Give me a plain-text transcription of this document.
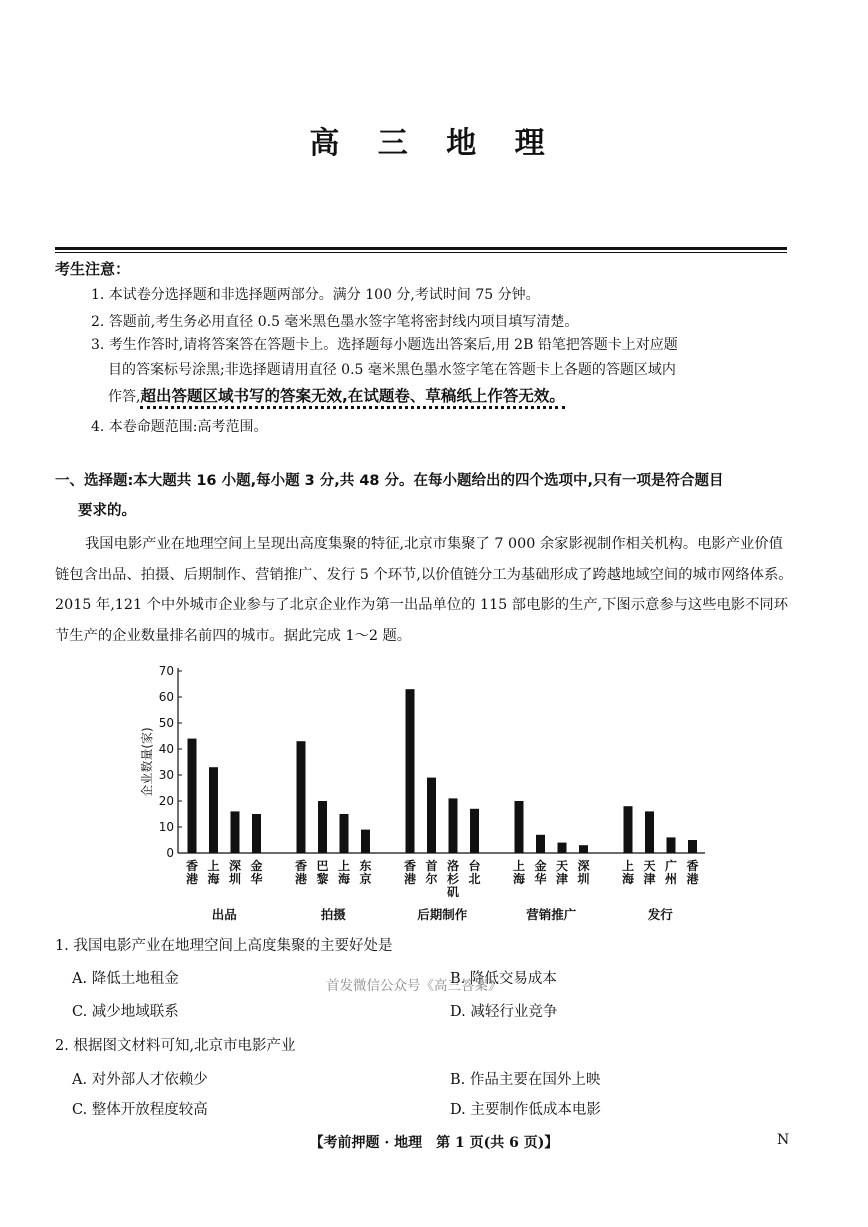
高 三 地 理
考生注意：
1. 本试卷分选择题和非选择题两部分。满分 100 分,考试时间 75 分钟。
2. 答题前,考生务必用直径 0.5 毫米黑色墨水签字笔将密封线内项目填写清楚。
3. 考生作答时,请将答案答在答题卡上。选择题每小题选出答案后,用 2B 铅笔把答题卡上对应题
目的答案标号涂黑;非选择题请用直径 0.5 毫米黑色墨水签字笔在答题卡上各题的答题区域内
作答,超出答题区域书写的答案无效,在试题卷、草稿纸上作答无效。
4. 本卷命题范围:高考范围。
一、选择题:本大题共 16 小题,每小题 3 分,共 48 分。在每小题给出的四个选项中,只有一项是符合题目
要求的。
我国电影产业在地理空间上呈现出高度集聚的特征,北京市集聚了 7 000 余家影视制作相关机构。电影产业价值链包含出品、拍摄、后期制作、营销推广、发行 5 个环节,以价值链分工为基础形成了跨越地域空间的城市网络体系。2015 年,121 个中外城市企业参与了北京企业作为第一出品单位的 115 部电影的生产,下图示意参与这些电影不同环节生产的企业数量排名前四的城市。据此完成 1～2 题。
0
10
20
30
40
50
60
70
企业数量(家)
香
港
上
海
深
圳
金
华
出品
香
港
巴
黎
上
海
东
京
拍摄
香
港
首
尔
洛
杉
矶
台
北
后期制作
上
海
金
华
天
津
深
圳
营销推广
上
海
天
津
广
州
香
港
发行
1. 我国电影产业在地理空间上高度集聚的主要好处是
A. 降低土地租金	B. 降低交易成本
C. 减少地域联系	D. 减轻行业竞争
首发微信公众号《高三答案》
2. 根据图文材料可知,北京市电影产业
A. 对外部人才依赖少	B. 作品主要在国外上映
C. 整体开放程度较高	D. 主要制作低成本电影
【考前押题 · 地理　第 1 页(共 6 页)】	N
